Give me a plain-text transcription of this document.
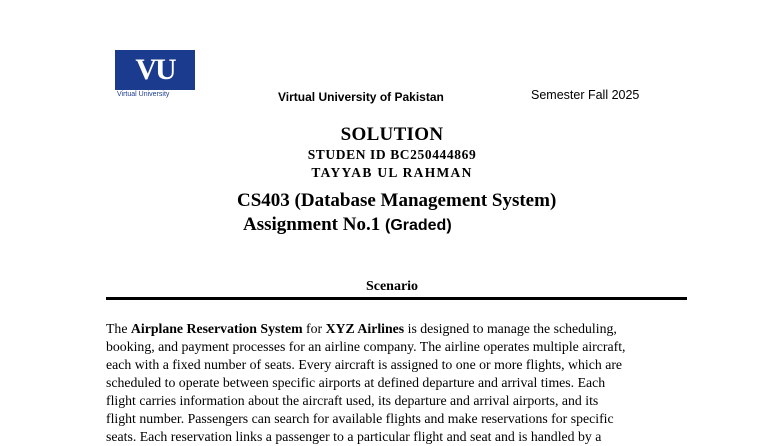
VU
Virtual University	Virtual University of Pakistan	Semester Fall 2025
SOLUTION
STUDEN ID BC250444869
TAYYAB UL RAHMAN
CS403 (Database Management System)
Assignment No.1 (Graded)
Scenario

The Airplane Reservation System for XYZ Airlines is designed to manage the scheduling,
booking, and payment processes for an airline company. The airline operates multiple aircraft,
each with a fixed number of seats. Every aircraft is assigned to one or more flights, which are
scheduled to operate between specific airports at defined departure and arrival times. Each
flight carries information about the aircraft used, its departure and arrival airports, and its
flight number. Passengers can search for available flights and make reservations for specific
seats. Each reservation links a passenger to a particular flight and seat and is handled by a
